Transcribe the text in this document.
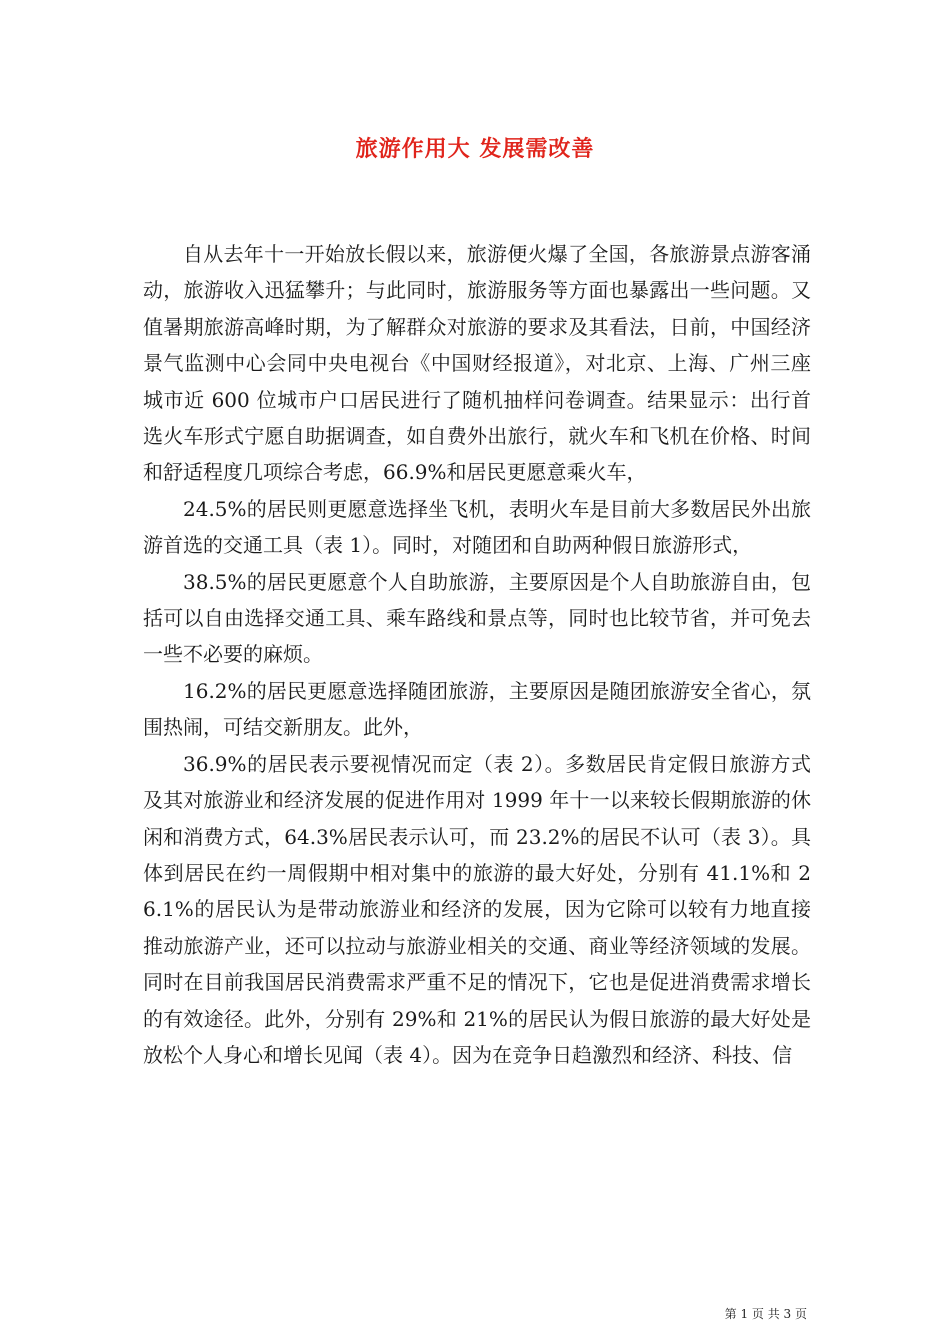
旅游作用大 发展需改善

自从去年十一开始放长假以来，旅游便火爆了全国，各旅游景点游客涌动，旅游收入迅猛攀升；与此同时，旅游服务等方面也暴露出一些问题。又值暑期旅游高峰时期，为了解群众对旅游的要求及其看法，日前，中国经济景气监测中心会同中央电视台《中国财经报道》，对北京、上海、广州三座城市近 600 位城市户口居民进行了随机抽样问卷调查。结果显示：出行首选火车形式宁愿自助据调查，如自费外出旅行，就火车和飞机在价格、时间和舒适程度几项综合考虑，66.9%和居民更愿意乘火车，

24.5%的居民则更愿意选择坐飞机，表明火车是目前大多数居民外出旅游首选的交通工具（表 1）。同时，对随团和自助两种假日旅游形式，

38.5%的居民更愿意个人自助旅游，主要原因是个人自助旅游自由，包括可以自由选择交通工具、乘车路线和景点等，同时也比较节省，并可免去一些不必要的麻烦。

16.2%的居民更愿意选择随团旅游，主要原因是随团旅游安全省心，氛围热闹，可结交新朋友。此外，

36.9%的居民表示要视情况而定（表 2）。多数居民肯定假日旅游方式及其对旅游业和经济发展的促进作用对 1999 年十一以来较长假期旅游的休闲和消费方式，64.3%居民表示认可，而 23.2%的居民不认可（表 3）。具体到居民在约一周假期中相对集中的旅游的最大好处，分别有 41.1%和 26.1%的居民认为是带动旅游业和经济的发展，因为它除可以较有力地直接推动旅游产业，还可以拉动与旅游业相关的交通、商业等经济领域的发展。同时在目前我国居民消费需求严重不足的情况下，它也是促进消费需求增长的有效途径。此外，分别有 29%和 21%的居民认为假日旅游的最大好处是放松个人身心和增长见闻（表 4）。因为在竞争日趋激烈和经济、科技、信

第 1 页 共 3 页
